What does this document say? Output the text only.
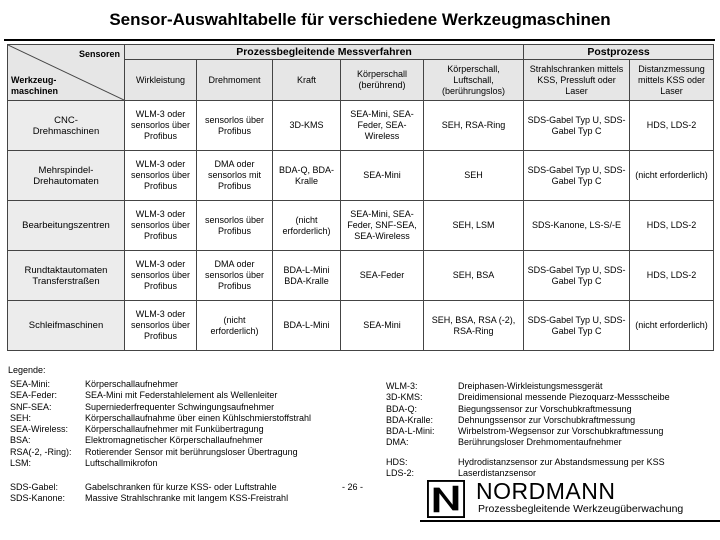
Sensor-Auswahltabelle für verschiedene Werkzeugmaschinen
Sensoren
Werkzeug-
maschinen	Prozessbegleitende Messverfahren					Postprozess	
	Wirkleistung	Drehmoment	Kraft	Körperschall (berührend)	Körperschall, Luftschall, (berührungslos)	Strahlschranken mittels KSS, Pressluft oder Laser	Distanzmessung mittels KSS oder Laser
CNC-
Drehmaschinen	WLM-3 oder sensorlos über Profibus	sensorlos über Profibus	3D-KMS	SEA-Mini, SEA-Feder, SEA-Wireless	SEH, RSA-Ring	SDS-Gabel Typ U, SDS-Gabel Typ C	HDS, LDS-2
Mehrspindel-
Drehautomaten	WLM-3 oder sensorlos über Profibus	DMA oder sensorlos mit Profibus	BDA-Q, BDA-Kralle	SEA-Mini	SEH	SDS-Gabel Typ U, SDS-Gabel Typ C	(nicht erforderlich)
Bearbeitungszentren	WLM-3 oder sensorlos über Profibus	sensorlos über Profibus	(nicht erforderlich)	SEA-Mini, SEA-Feder, SNF-SEA, SEA-Wireless	SEH, LSM	SDS-Kanone, LS-S/-E	HDS, LDS-2
Rundtaktautomaten
Transferstraßen	WLM-3 oder sensorlos über Profibus	DMA oder sensorlos über Profibus	BDA-L-Mini BDA-Kralle	SEA-Feder	SEH, BSA	SDS-Gabel Typ U, SDS-Gabel Typ C	HDS, LDS-2
Schleifmaschinen	WLM-3 oder sensorlos über Profibus	(nicht erforderlich)	BDA-L-Mini	SEA-Mini	SEH, BSA, RSA (-2), RSA-Ring	SDS-Gabel Typ U, SDS-Gabel Typ C	(nicht erforderlich)
Legende:
SEA-Mini:	Körperschallaufnehmer
SEA-Feder:	SEA-Mini mit Federstahlelement als Wellenleiter
SNF-SEA:	Superniederfrequenter Schwingungsaufnehmer
SEH:	Körperschallaufnahme über einen Kühlschmierstoffstrahl
SEA-Wireless: Körperschallaufnehmer mit Funkübertragung
BSA:	Elektromagnetischer Körperschallaufnehmer
RSA(-2, -Ring): Rotierender Sensor mit berührungsloser Übertragung
LSM:	Luftschallmikrofon
SDS-Gabel:	Gabelschranken für kurze KSS- oder Luftstrahle
SDS-Kanone: Massive Strahlschranke mit langem KSS-Freistrahl
WLM-3:	Dreiphasen-Wirkleistungsmessgerät
3D-KMS:	Dreidimensional messende Piezoquarz-Messscheibe
BDA-Q:	Biegungssensor zur Vorschubkraftmessung
BDA-Kralle:	Dehnungssensor zur Vorschubkraftmessung
BDA-L-Mini:	Wirbelstrom-Wegsensor zur Vorschubkraftmessung
DMA:	Berührungsloser Drehmomentaufnehmer
HDS:	Hydrodistanzsensor zur Abstandsmessung per KSS
LDS-2:	Laserdistanzsensor
- 26 -	NORDMANN
Prozessbegleitende Werkzeugüberwachung
